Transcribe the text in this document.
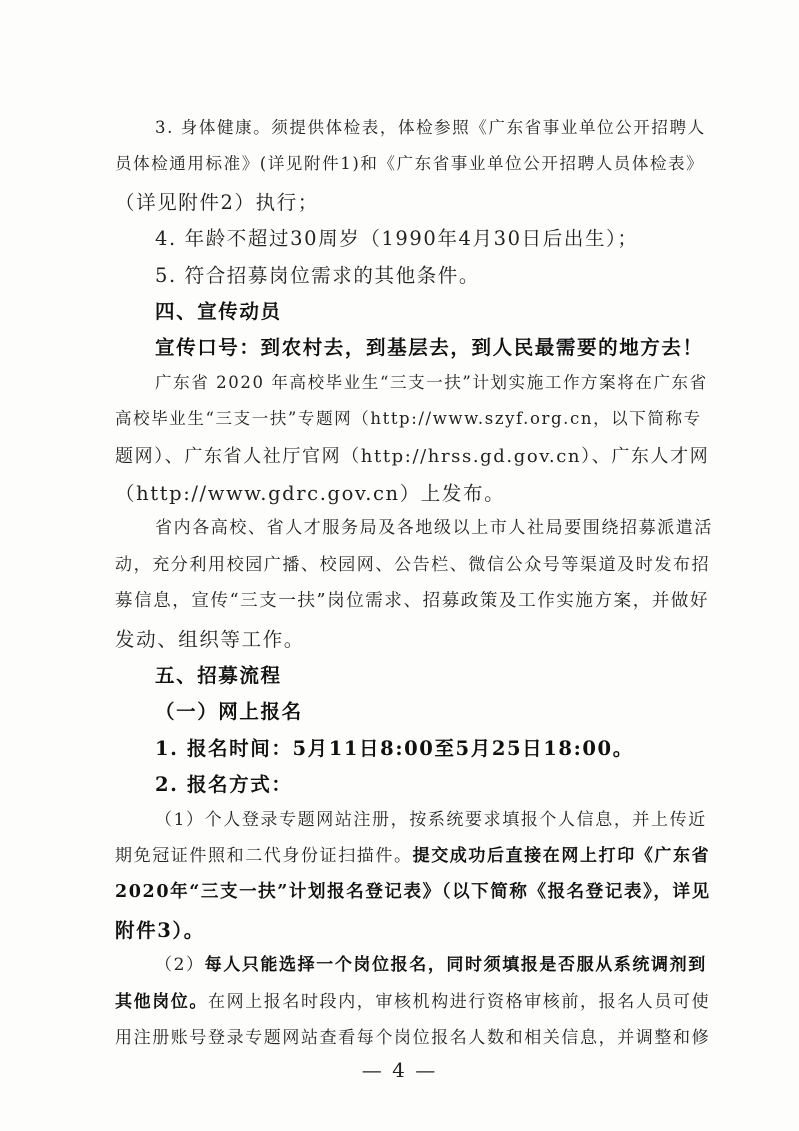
3. 身体健康。须提供体检表，体检参照《广东省事业单位公开招聘人
员体检通用标准》(详见附件1)和《广东省事业单位公开招聘人员体检表》
（详见附件2）执行；
4. 年龄不超过30周岁（1990年4月30日后出生）；
5. 符合招募岗位需求的其他条件。
四、宣传动员
宣传口号：到农村去，到基层去，到人民最需要的地方去！
广东省 2020 年高校毕业生“三支一扶”计划实施工作方案将在广东省
高校毕业生“三支一扶”专题网（http://www.szyf.org.cn，以下简称专
题网）、广东省人社厅官网（http://hrss.gd.gov.cn）、广东人才网
（http://www.gdrc.gov.cn）上发布。
省内各高校、省人才服务局及各地级以上市人社局要围绕招募派遣活
动，充分利用校园广播、校园网、公告栏、微信公众号等渠道及时发布招
募信息，宣传“三支一扶”岗位需求、招募政策及工作实施方案，并做好
发动、组织等工作。
五、招募流程
（一）网上报名
1. 报名时间：5月11日8:00至5月25日18:00。
2. 报名方式：
（1）个人登录专题网站注册，按系统要求填报个人信息，并上传近
期免冠证件照和二代身份证扫描件。提交成功后直接在网上打印《广东省
2020年“三支一扶”计划报名登记表》（以下简称《报名登记表》，详见
附件3）。
（2）每人只能选择一个岗位报名，同时须填报是否服从系统调剂到
其他岗位。在网上报名时段内，审核机构进行资格审核前，报名人员可使
用注册账号登录专题网站查看每个岗位报名人数和相关信息，并调整和修
— 4 —
